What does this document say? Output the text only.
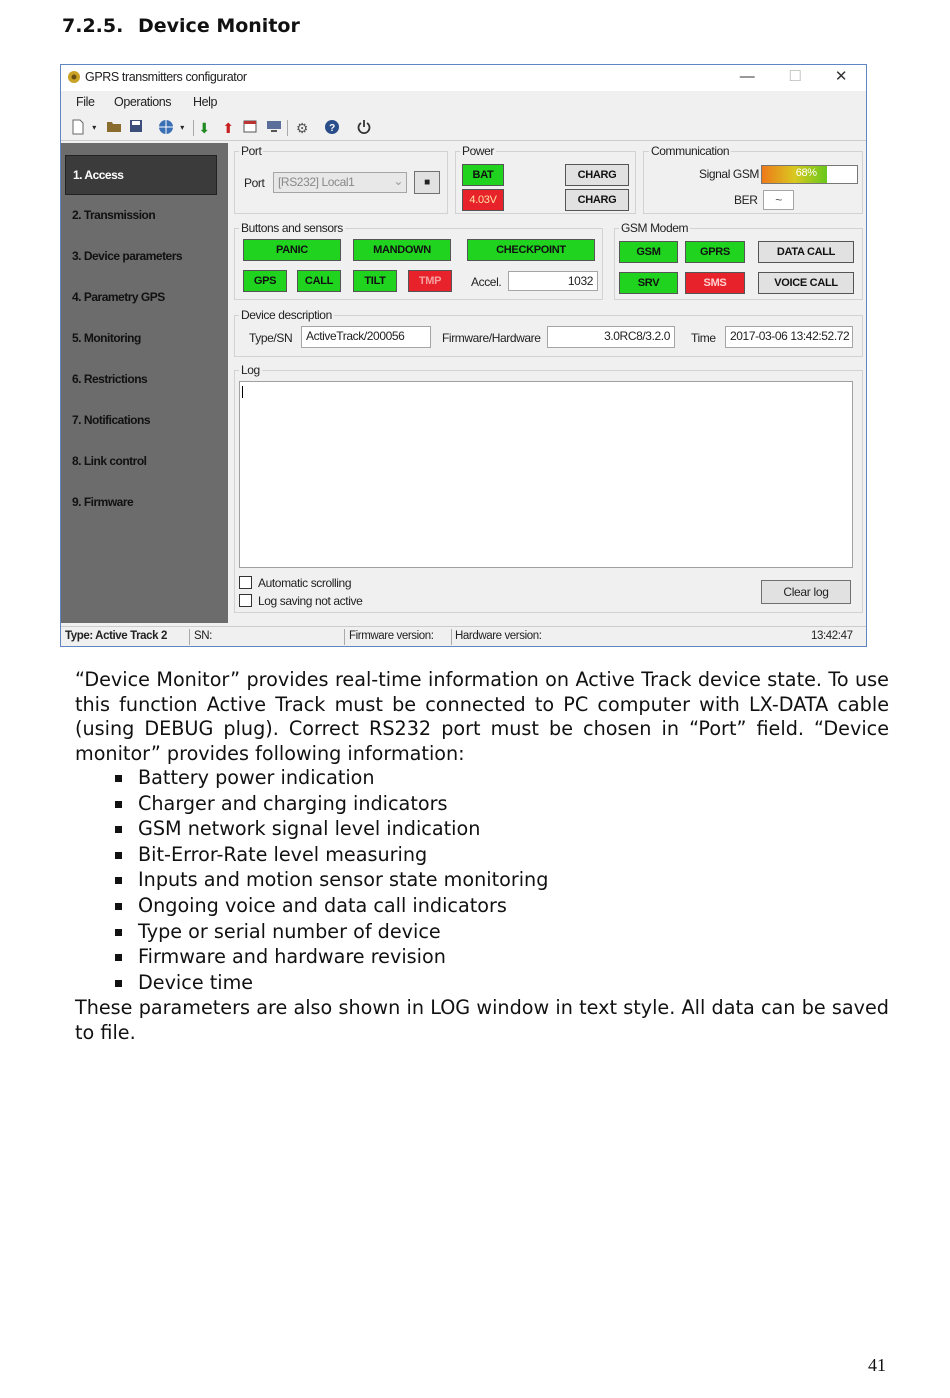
7.2.5. Device Monitor
GPRS transmitters configurator	—	☐	✕
File Operations Help
▾	▾	⬇ ⬆	⚙ ?
1. Access
2. Transmission
3. Device parameters
4. Parametry GPS
5. Monitoring
6. Restrictions
7. Notifications
8. Link control
9. Firmware
Port
Port	[RS232] Local1	⌄	■
Power
BAT
4.03V
CHARG
CHARG
Communication
Signal GSM	68%
BER	~
Buttons and sensors
PANIC	MANDOWN	CHECKPOINT
GPS	CALL	TILT	TMP	Accel.	1032
GSM Modem
GSM	GPRS	DATA CALL
SRV	SMS	VOICE CALL
Device description
Type/SN	ActiveTrack/200056	Firmware/Hardware	3.0RC8/3.2.0	Time	2017-03-06 13:42:52.72
Log
Automatic scrolling
Log saving not active
Clear log
Type: Active Track 2 SN:	Firmware version: Hardware version:	13:42:47

“Device Monitor” provides real-time information on Active Track device state. To use this function Active Track must be connected to PC computer with LX-DATA cable (using DEBUG plug). Correct RS232 port must be chosen in “Port” field. “Device monitor” provides following information:

Battery power indication
Charger and charging indicators
GSM network signal level indication
Bit-Error-Rate level measuring
Inputs and motion sensor state monitoring
Ongoing voice and data call indicators
Type or serial number of device
Firmware and hardware revision
Device time

These parameters are also shown in LOG window in text style. All data can be saved to file.

41
